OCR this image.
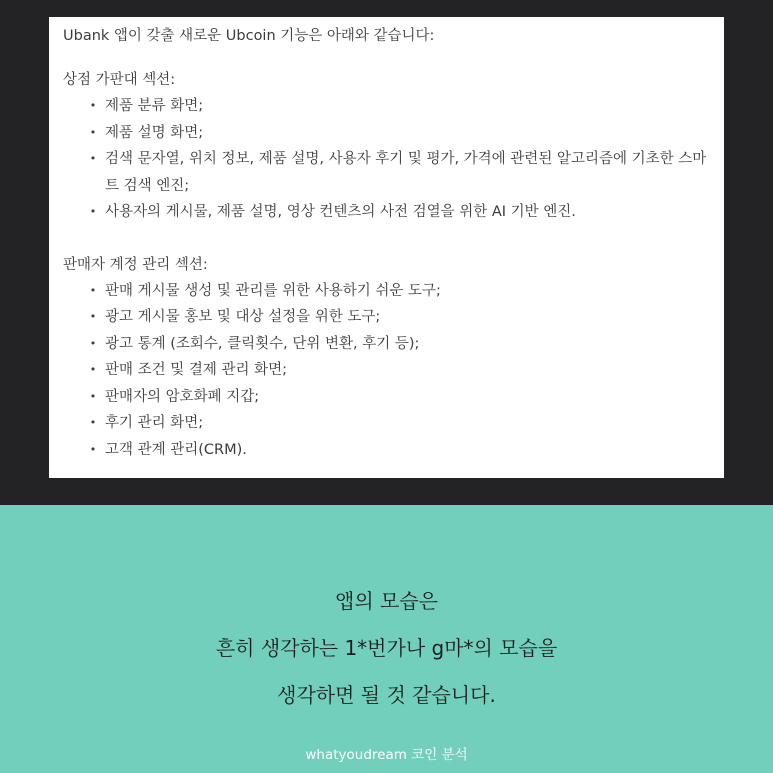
Ubank 앱이 갖출 새로운 Ubcoin 기능은 아래와 같습니다:

상점 가판대 섹션:

• 제품 분류 화면;
• 제품 설명 화면;
• 검색 문자열, 위치 정보, 제품 설명, 사용자 후기 및 평가, 가격에 관련된 알고리즘에 기초한 스마트 검색 엔진;
• 사용자의 게시물, 제품 설명, 영상 컨텐츠의 사전 검열을 위한 AI 기반 엔진.

판매자 계정 관리 섹션:

• 판매 게시물 생성 및 관리를 위한 사용하기 쉬운 도구;
• 광고 게시물 홍보 및 대상 설정을 위한 도구;
• 광고 통계 (조회수, 클릭횟수, 단위 변환, 후기 등);
• 판매 조건 및 결제 관리 화면;
• 판매자의 암호화폐 지갑;
• 후기 관리 화면;
• 고객 관계 관리(CRM).
앱의 모습은
흔히 생각하는 1*번가나 g마*의 모습을
생각하면 될 것 같습니다.
whatyoudream 코인 분석
